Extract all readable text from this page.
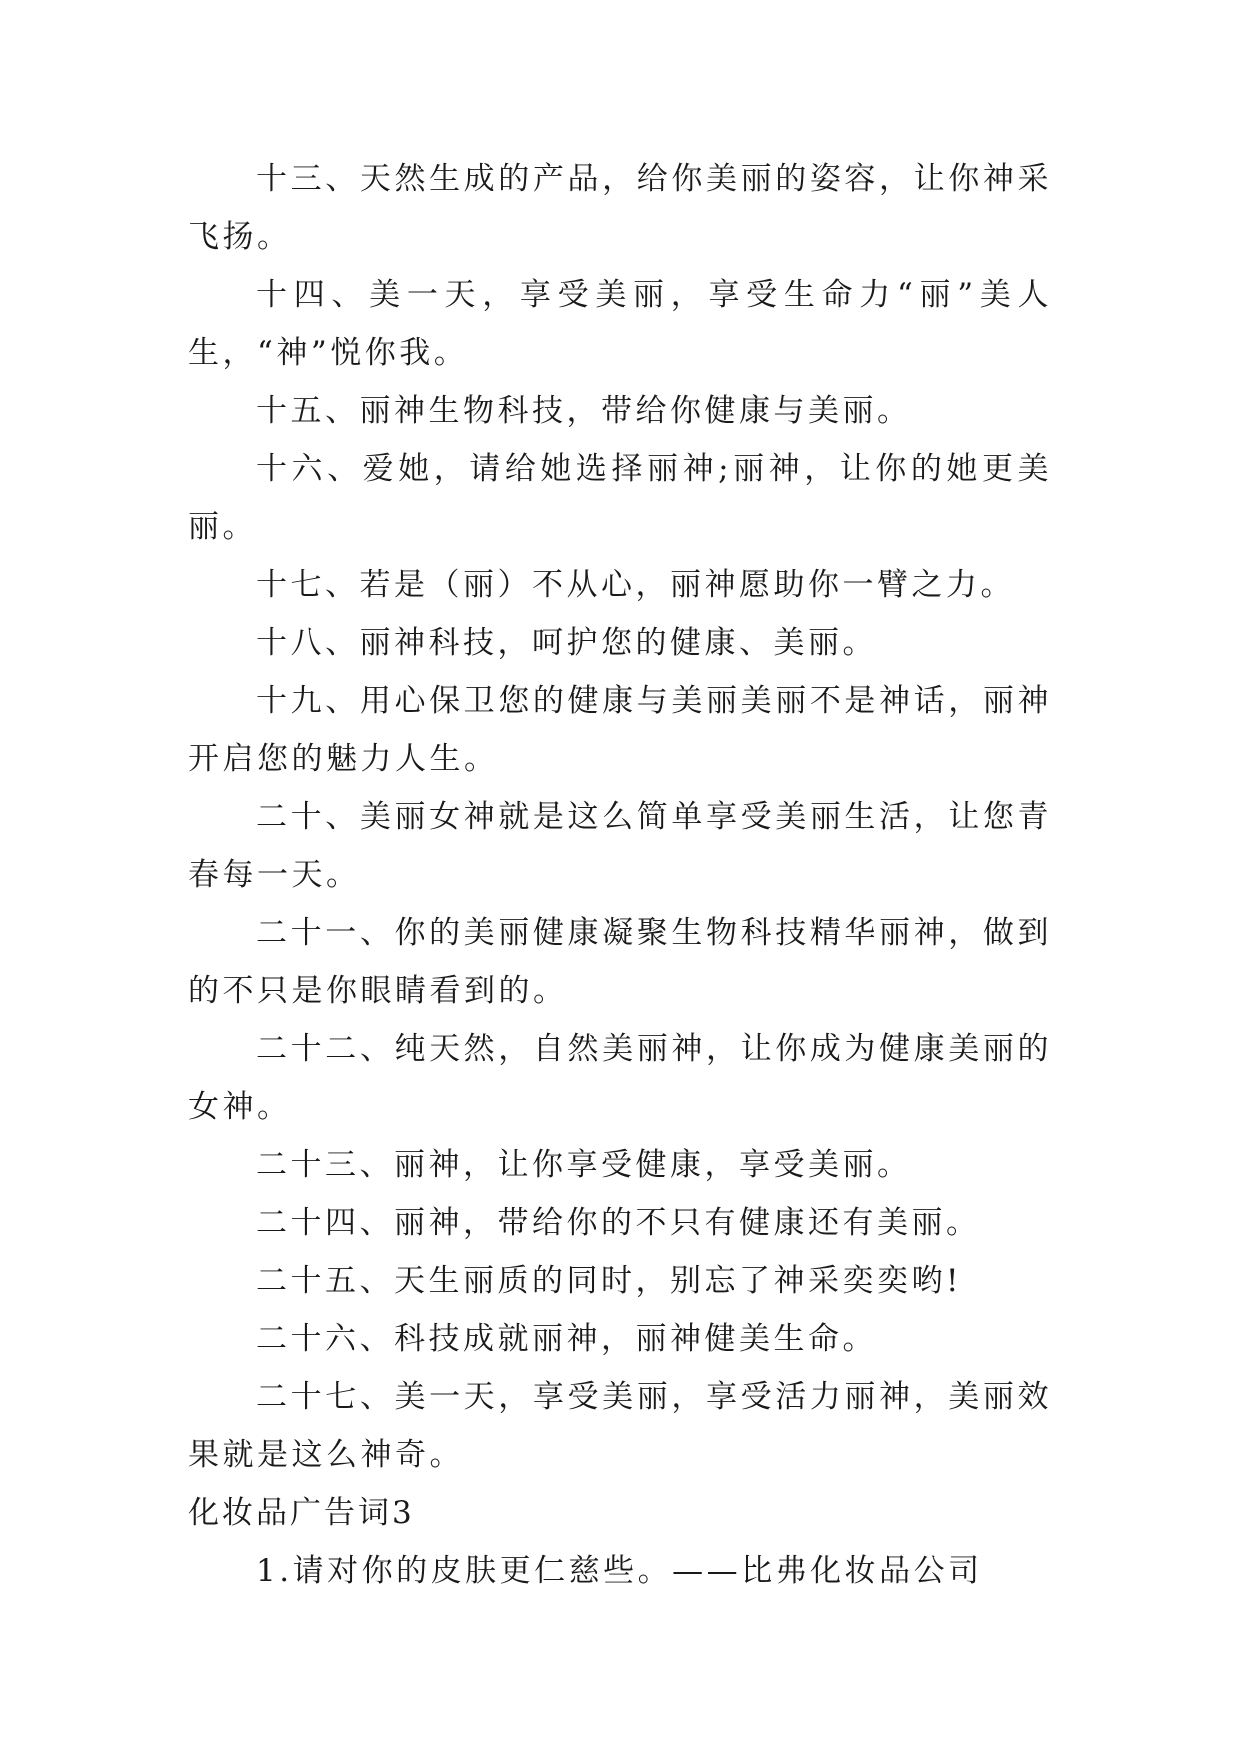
十三、天然生成的产品，给你美丽的姿容，让你神采飞扬。

十四、美一天，享受美丽，享受生命力“丽”美人生，“神”悦你我。

十五、丽神生物科技，带给你健康与美丽。

十六、爱她，请给她选择丽神;丽神，让你的她更美丽。

十七、若是（丽）不从心，丽神愿助你一臂之力。

十八、丽神科技，呵护您的健康、美丽。

十九、用心保卫您的健康与美丽美丽不是神话，丽神开启您的魅力人生。

二十、美丽女神就是这么简单享受美丽生活，让您青春每一天。

二十一、你的美丽健康凝聚生物科技精华丽神，做到的不只是你眼睛看到的。

二十二、纯天然，自然美丽神，让你成为健康美丽的女神。

二十三、丽神，让你享受健康，享受美丽。

二十四、丽神，带给你的不只有健康还有美丽。

二十五、天生丽质的同时，别忘了神采奕奕哟!

二十六、科技成就丽神，丽神健美生命。

二十七、美一天，享受美丽，享受活力丽神，美丽效果就是这么神奇。

化妆品广告词3

1.请对你的皮肤更仁慈些。——比弗化妆品公司
